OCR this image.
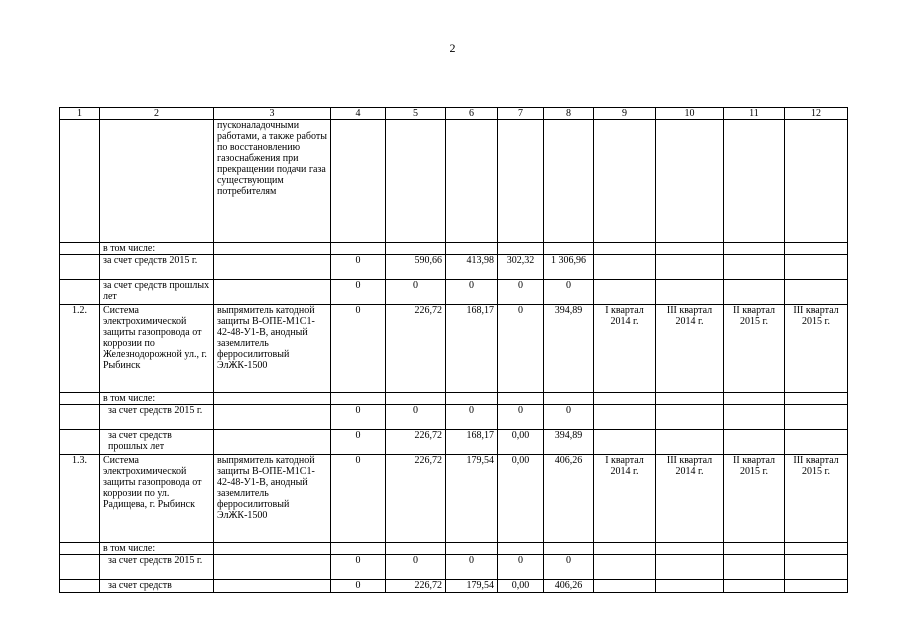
2
1	2	3	4	5	6	7	8	9	10	11	12
		пусконаладочными работами, а также работы по восстановлению газоснабжения при прекращении подачи газа существующим потребителям									
	в том числе:										
	за счет средств 2015 г.		0	590,66	413,98	302,32	1 306,96				
	за счет средств прошлых лет		0	0	0	0	0				
1.2.	Система электрохимической защиты газопровода от коррозии по Железнодорожной ул., г. Рыбинск	выпрямитель катодной защиты В-ОПЕ-М1С1-42-48-У1-В, анодный заземлитель ферросилитовый ЭлЖК-1500	0	226,72	168,17	0	394,89	I квартал 2014 г.	III квартал 2014 г.	II квартал 2015 г.	III квартал 2015 г.
	в том числе:										
	за счет средств 2015 г.		0	0	0	0	0				
	за счет средств прошлых лет		0	226,72	168,17	0,00	394,89				
1.3.	Система электрохимической защиты газопровода от коррозии по ул. Радищева, г. Рыбинск	выпрямитель катодной защиты В-ОПЕ-М1С1-42-48-У1-В, анодный заземлитель ферросилитовый ЭлЖК-1500	0	226,72	179,54	0,00	406,26	I квартал 2014 г.	III квартал 2014 г.	II квартал 2015 г.	III квартал 2015 г.
	в том числе:										
	за счет средств 2015 г.		0	0	0	0	0				
	за счет средств		0	226,72	179,54	0,00	406,26				
